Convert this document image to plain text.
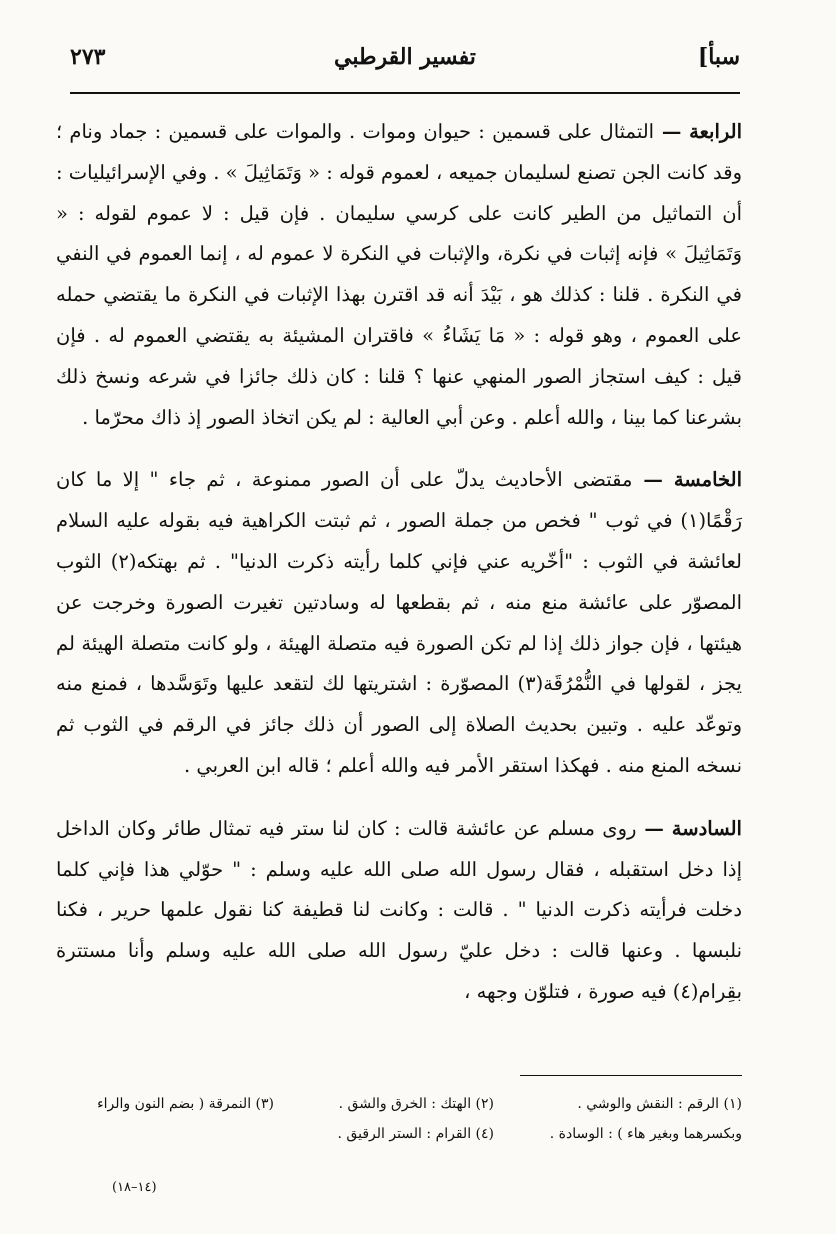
سبأ]
تفسير القرطبي
٢٧٣

الرابعة — التمثال على قسمين : حيوان وموات . والموات على قسمين : جماد ونام ؛ وقد كانت الجن تصنع لسليمان جميعه ، لعموم قوله : « وَتَمَاثِيلَ » . وفي الإسرائيليات : أن التماثيل من الطير كانت على كرسي سليمان . فإن قيل : لا عموم لقوله : « وَتَمَاثِيلَ » فإنه إثبات في نكرة، والإثبات في النكرة لا عموم له ، إنما العموم في النفي في النكرة . قلنا : كذلك هو ، بَيْدَ أنه قد اقترن بهذا الإثبات في النكرة ما يقتضي حمله على العموم ، وهو قوله : « مَا يَشَاءُ » فاقتران المشيئة به يقتضي العموم له . فإن قيل : كيف استجاز الصور المنهي عنها ؟ قلنا : كان ذلك جائزا في شرعه ونسخ ذلك بشرعنا كما بينا ، والله أعلم . وعن أبي العالية : لم يكن اتخاذ الصور إذ ذاك محرّما .

الخامسة — مقتضى الأحاديث يدلّ على أن الصور ممنوعة ، ثم جاء " إلا ما كان رَقْمًا(١) في ثوب " فخص من جملة الصور ، ثم ثبتت الكراهية فيه بقوله عليه السلام لعائشة في الثوب : "أخّريه عني فإني كلما رأيته ذكرت الدنيا" . ثم بهتكه(٢) الثوب المصوّر على عائشة منع منه ، ثم بقطعها له وسادتين تغيرت الصورة وخرجت عن هيئتها ، فإن جواز ذلك إذا لم تكن الصورة فيه متصلة الهيئة ، ولو كانت متصلة الهيئة لم يجز ، لقولها في النُّمْرُقَة(٣) المصوّرة : اشتريتها لك لتقعد عليها وتَوَسَّدها ، فمنع منه وتوعّد عليه . وتبين بحديث الصلاة إلى الصور أن ذلك جائز في الرقم في الثوب ثم نسخه المنع منه . فهكذا استقر الأمر فيه والله أعلم ؛ قاله ابن العربي .

السادسة — روى مسلم عن عائشة قالت : كان لنا ستر فيه تمثال طائر وكان الداخل إذا دخل استقبله ، فقال رسول الله صلى الله عليه وسلم : " حوّلي هذا فإني كلما دخلت فرأيته ذكرت الدنيا " . قالت : وكانت لنا قطيفة كنا نقول علمها حرير ، فكنا نلبسها . وعنها قالت : دخل عليّ رسول الله صلى الله عليه وسلم وأنا مستترة بقِرام(٤) فيه صورة ، فتلوّن وجهه ،

(١) الرقم : النقش والوشي .
(٢) الهتك : الخرق والشق .
(٣) النمرقة ( بضم النون والراء
وبكسرهما وبغير هاء ) : الوسادة .
(٤) القرام : الستر الرقيق .
(١٤–١٨)
